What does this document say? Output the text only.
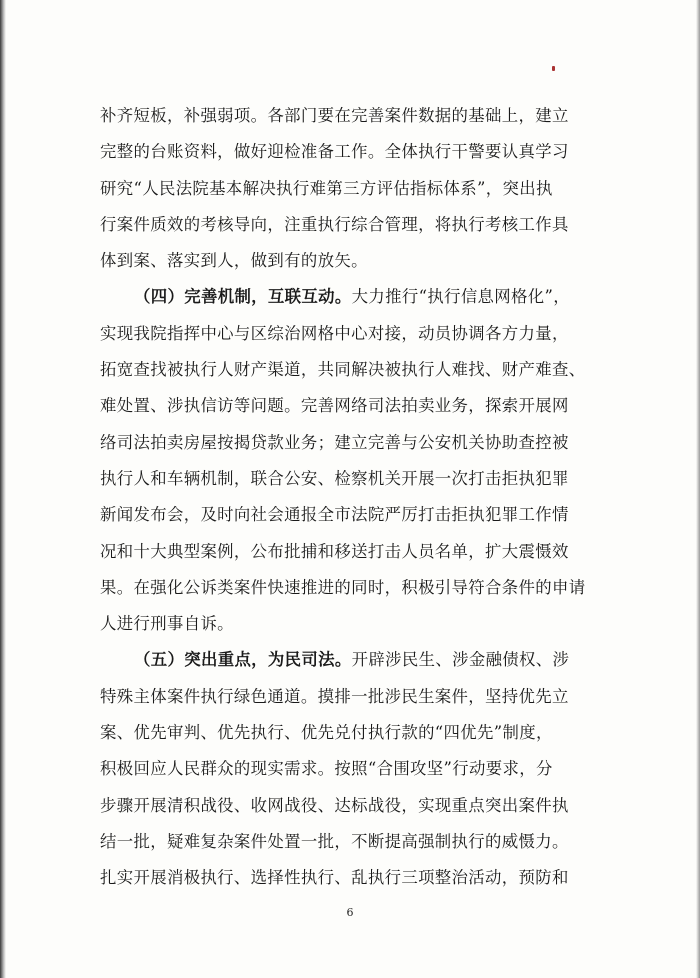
补齐短板，补强弱项。各部门要在完善案件数据的基础上，建立
完整的台账资料，做好迎检准备工作。全体执行干警要认真学习
研究“人民法院基本解决执行难第三方评估指标体系”，突出执
行案件质效的考核导向，注重执行综合管理，将执行考核工作具
体到案、落实到人，做到有的放矢。
（四）完善机制，互联互动。大力推行“执行信息网格化”，
实现我院指挥中心与区综治网格中心对接，动员协调各方力量，
拓宽查找被执行人财产渠道，共同解决被执行人难找、财产难查、
难处置、涉执信访等问题。完善网络司法拍卖业务，探索开展网
络司法拍卖房屋按揭贷款业务；建立完善与公安机关协助查控被
执行人和车辆机制，联合公安、检察机关开展一次打击拒执犯罪
新闻发布会，及时向社会通报全市法院严厉打击拒执犯罪工作情
况和十大典型案例，公布批捕和移送打击人员名单，扩大震慑效
果。在强化公诉类案件快速推进的同时，积极引导符合条件的申请
人进行刑事自诉。
（五）突出重点，为民司法。开辟涉民生、涉金融债权、涉
特殊主体案件执行绿色通道。摸排一批涉民生案件，坚持优先立
案、优先审判、优先执行、优先兑付执行款的“四优先”制度，
积极回应人民群众的现实需求。按照“合围攻坚”行动要求，分
步骤开展清积战役、收网战役、达标战役，实现重点突出案件执
结一批，疑难复杂案件处置一批，不断提高强制执行的威慑力。
扎实开展消极执行、选择性执行、乱执行三项整治活动，预防和
6
